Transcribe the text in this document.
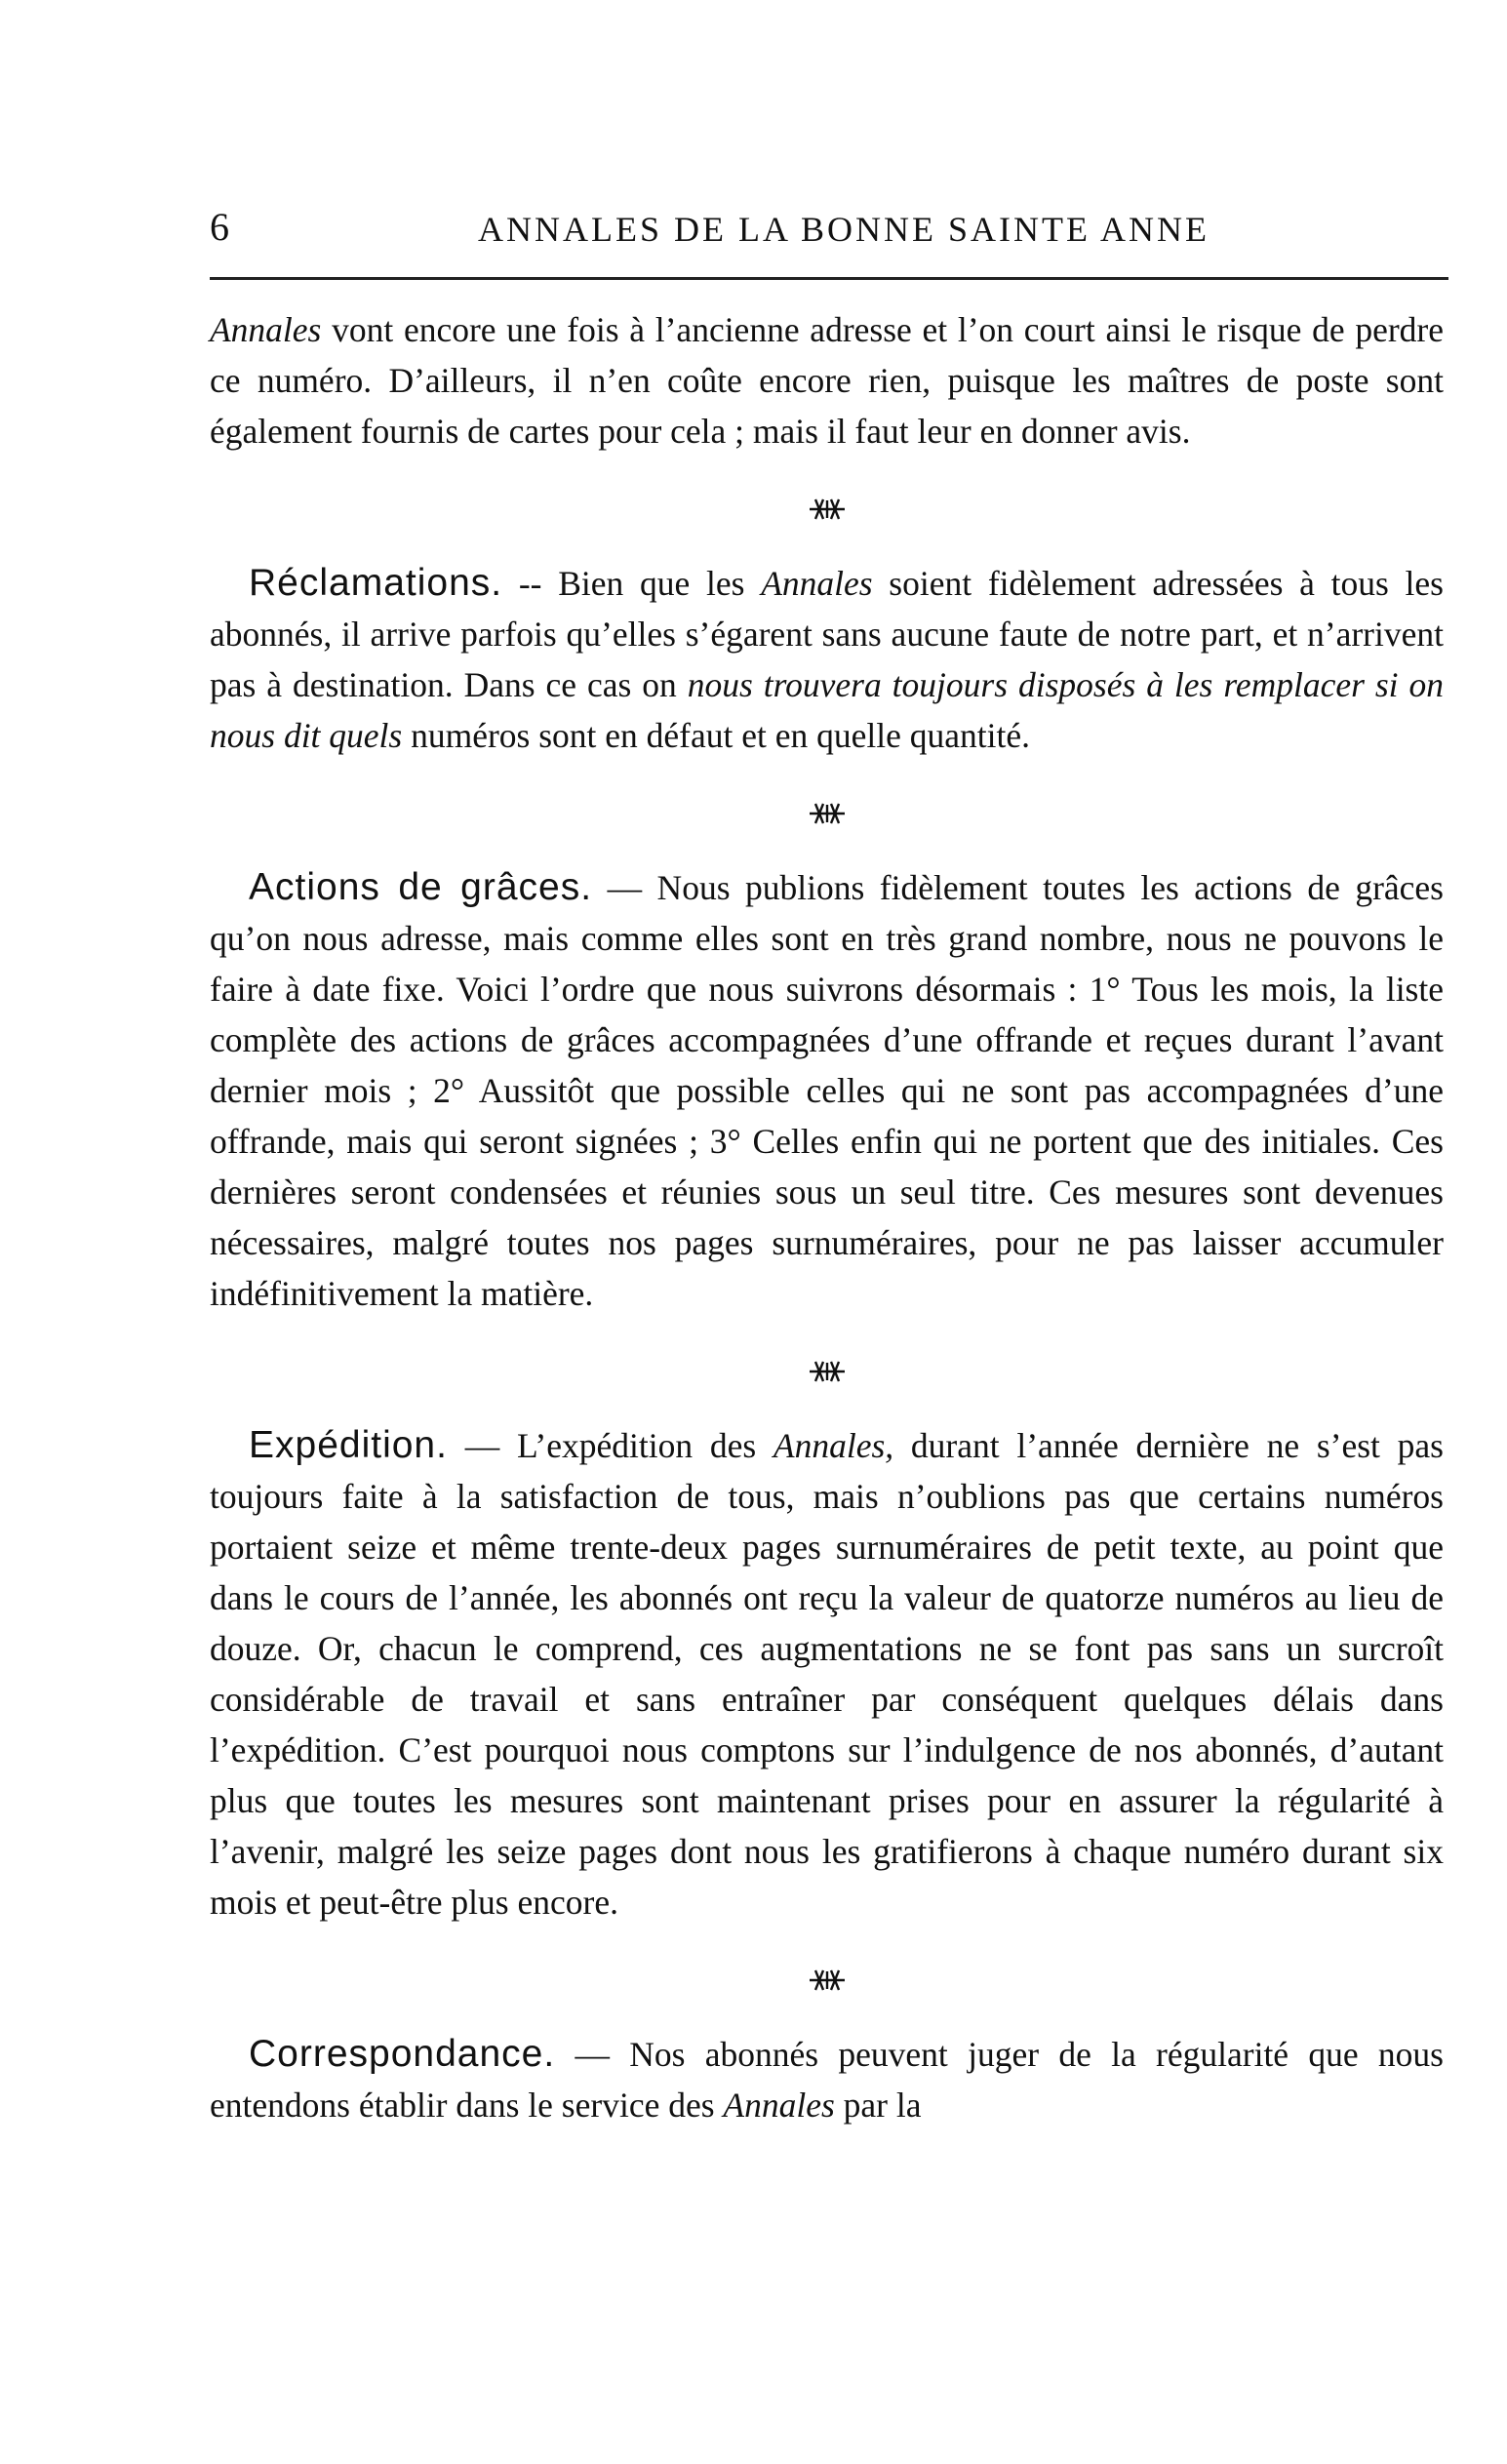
6	ANNALES DE LA BONNE SAINTE ANNE

Annales vont encore une fois à l’ancienne adresse et l’on court ainsi le risque de perdre ce numéro. D’ailleurs, il n’en coûte encore rien, puisque les maîtres de poste sont également fournis de cartes pour cela ; mais il faut leur en donner avis.

Réclamations. -- Bien que les Annales soient fidèlement adressées à tous les abonnés, il arrive parfois qu’elles s’égarent sans aucune faute de notre part, et n’arrivent pas à destination. Dans ce cas on nous trouvera toujours disposés à les remplacer si on nous dit quels numéros sont en défaut et en quelle quantité.

Actions de grâces. — Nous publions fidèlement toutes les actions de grâces qu’on nous adresse, mais comme elles sont en très grand nombre, nous ne pouvons le faire à date fixe. Voici l’ordre que nous suivrons désormais : 1° Tous les mois, la liste complète des actions de grâces accompagnées d’une offrande et reçues durant l’avant dernier mois ; 2° Aussitôt que possible celles qui ne sont pas accompagnées d’une offrande, mais qui seront signées ; 3° Celles enfin qui ne portent que des initiales. Ces dernières seront condensées et réunies sous un seul titre. Ces mesures sont devenues nécessaires, malgré toutes nos pages surnuméraires, pour ne pas laisser accumuler indéfinitivement la matière.

Expédition. — L’expédition des Annales, durant l’année dernière ne s’est pas toujours faite à la satisfaction de tous, mais n’oublions pas que certains numéros portaient seize et même trente-deux pages surnuméraires de petit texte, au point que dans le cours de l’année, les abonnés ont reçu la valeur de quatorze numéros au lieu de douze. Or, chacun le comprend, ces augmentations ne se font pas sans un surcroît considérable de travail et sans entraîner par conséquent quelques délais dans l’expédition. C’est pourquoi nous comptons sur l’indulgence de nos abonnés, d’autant plus que toutes les mesures sont maintenant prises pour en assurer la régularité à l’avenir, malgré les seize pages dont nous les gratifierons à chaque numéro durant six mois et peut-être plus encore.

Correspondance. — Nos abonnés peuvent juger de la régularité que nous entendons établir dans le service des Annales par la
